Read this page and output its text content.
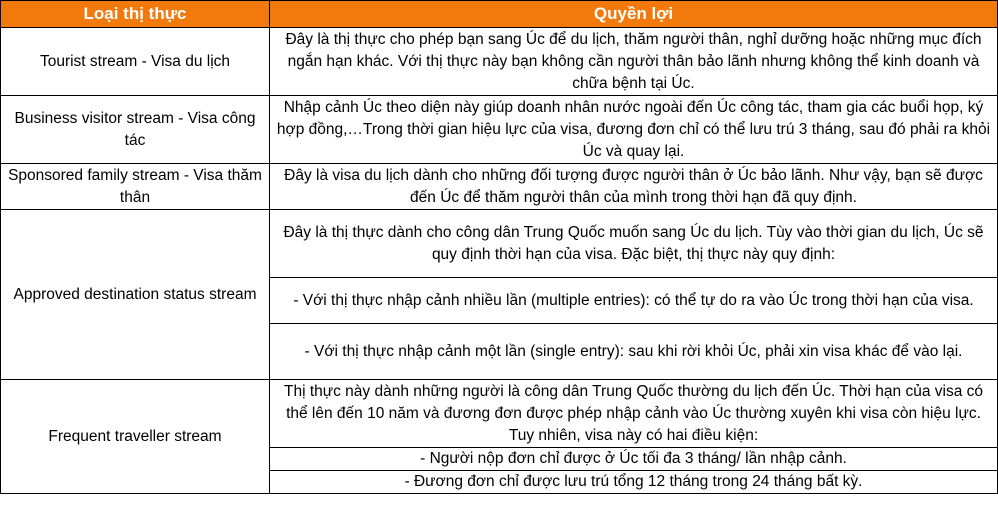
Loại thị thực	Quyền lợi
Tourist stream - Visa du lịch	Đây là thị thực cho phép bạn sang Úc để du lịch, thăm người thân, nghỉ dưỡng hoặc những mục đích ngắn hạn khác. Với thị thực này bạn không cần người thân bảo lãnh nhưng không thể kinh doanh và chữa bệnh tại Úc.
Business visitor stream - Visa công tác	Nhập cảnh Úc theo diện này giúp doanh nhân nước ngoài đến Úc công tác, tham gia các buổi họp, ký hợp đồng,…Trong thời gian hiệu lực của visa, đương đơn chỉ có thể lưu trú 3 tháng, sau đó phải ra khỏi Úc và quay lại.
Sponsored family stream - Visa thăm thân	Đây là visa du lịch dành cho những đối tượng được người thân ở Úc bảo lãnh. Như vậy, bạn sẽ được đến Úc để thăm người thân của mình trong thời hạn đã quy định.
Approved destination status stream	Đây là thị thực dành cho công dân Trung Quốc muốn sang Úc du lịch. Tùy vào thời gian du lịch, Úc sẽ quy định thời hạn của visa. Đặc biệt, thị thực này quy định:
	- Với thị thực nhập cảnh nhiều lần (multiple entries): có thể tự do ra vào Úc trong thời hạn của visa.
	- Với thị thực nhập cảnh một lần (single entry): sau khi rời khỏi Úc, phải xin visa khác để vào lại.
Frequent traveller stream	Thị thực này dành những người là công dân Trung Quốc thường du lịch đến Úc. Thời hạn của visa có thể lên đến 10 năm và đương đơn được phép nhập cảnh vào Úc thường xuyên khi visa còn hiệu lực. Tuy nhiên, visa này có hai điều kiện:
	- Người nộp đơn chỉ được ở Úc tối đa 3 tháng/ lần nhập cảnh.
	- Đương đơn chỉ được lưu trú tổng 12 tháng trong 24 tháng bất kỳ.
